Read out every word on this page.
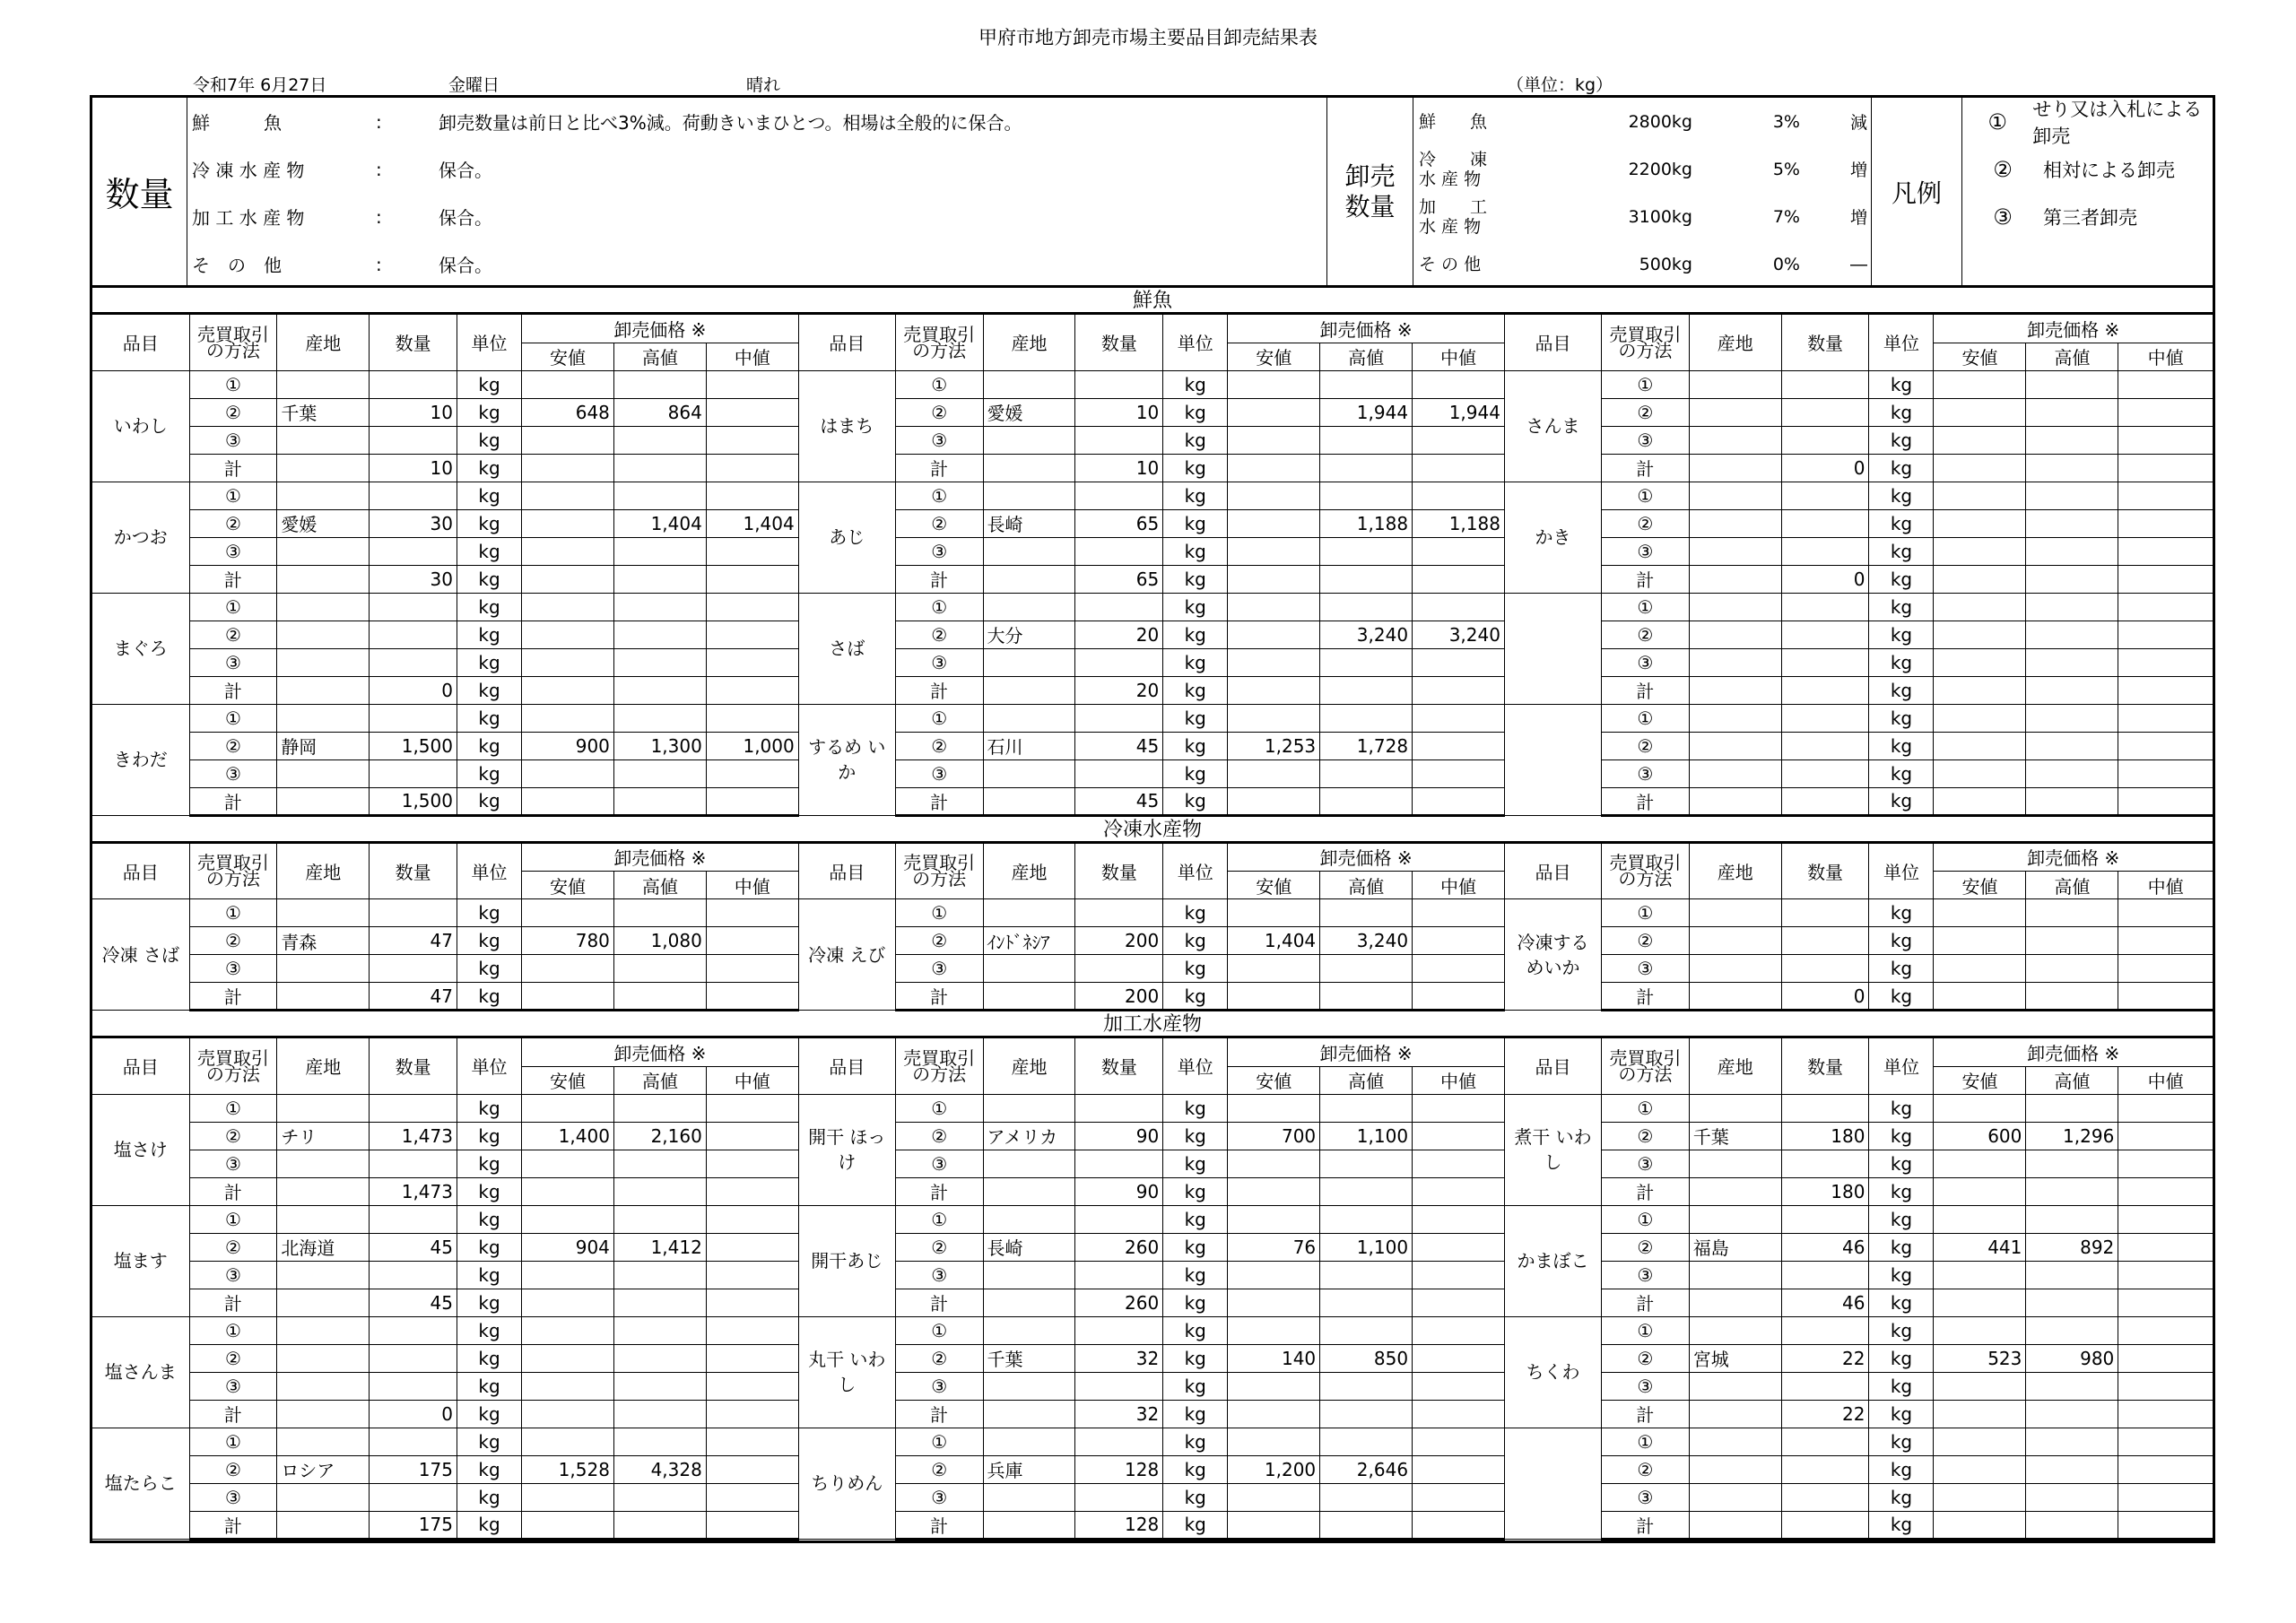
甲府市地方卸売市場主要品目卸売結果表
令和7年 6月27日	金曜日	晴れ	（単位：kg）
数量
鮮　　　魚	:	卸売数量は前日と比べ3%減。荷動きいまひとつ。相場は全般的に保合。
冷 凍 水 産 物	:	保合。
加 工 水 産 物	:	保合。
そ　の　他	:	保合。
卸売
数量
鮮　　魚	2800kg	3%	減
冷　　凍
水 産 物	2200kg	5%	増
加　　工
水 産 物	3100kg	7%	増
そ の 他	500kg	0%	―
凡例
①	せり又は入札による卸売
②	相対による卸売
③	第三者卸売
鮮魚
品目	売買取引
の方法	産地	数量	単位	卸売価格 ※			品目	売買取引
の方法	産地	数量	単位	卸売価格 ※			品目	売買取引
の方法	産地	数量	単位	卸売価格 ※		
					安値	高値	中値						安値	高値	中値						安値	高値	中値
いわし	①			kg				はまち	①			kg				さんま	①			kg			
	②	千葉	10	kg	648	864			②	愛媛	10	kg		1,944	1,944		②			kg			
	③			kg					③			kg					③			kg			
	計		10	kg					計		10	kg					計		0	kg			
かつお	①			kg				あじ	①			kg				かき	①			kg			
	②	愛媛	30	kg		1,404	1,404		②	長崎	65	kg		1,188	1,188		②			kg			
	③			kg					③			kg					③			kg			
	計		30	kg					計		65	kg					計		0	kg			
まぐろ	①			kg				さば	①			kg					①			kg			
	②			kg					②	大分	20	kg		3,240	3,240		②			kg			
	③			kg					③			kg					③			kg			
	計		0	kg					計		20	kg					計			kg			
きわだ	①			kg				するめ いか	①			kg					①			kg			
	②	静岡	1,500	kg	900	1,300	1,000		②	石川	45	kg	1,253	1,728			②			kg			
	③			kg					③			kg					③			kg			
	計		1,500	kg					計		45	kg					計			kg			
冷凍水産物
品目	売買取引
の方法	産地	数量	単位	卸売価格 ※			品目	売買取引
の方法	産地	数量	単位	卸売価格 ※			品目	売買取引
の方法	産地	数量	単位	卸売価格 ※		
					安値	高値	中値						安値	高値	中値						安値	高値	中値
冷凍 さば	①			kg				冷凍 えび	①			kg				冷凍する めいか	①			kg			
	②	青森	47	kg	780	1,080			②	ｲﾝﾄﾞﾈｼｱ	200	kg	1,404	3,240			②			kg			
	③			kg					③			kg					③			kg			
	計		47	kg					計		200	kg					計		0	kg			
加工水産物
品目	売買取引
の方法	産地	数量	単位	卸売価格 ※			品目	売買取引
の方法	産地	数量	単位	卸売価格 ※			品目	売買取引
の方法	産地	数量	単位	卸売価格 ※		
					安値	高値	中値						安値	高値	中値						安値	高値	中値
塩さけ	①			kg				開干 ほっけ	①			kg				煮干 いわし	①			kg			
	②	チリ	1,473	kg	1,400	2,160			②	アメリカ	90	kg	700	1,100			②	千葉	180	kg	600	1,296	
	③			kg					③			kg					③			kg			
	計		1,473	kg					計		90	kg					計		180	kg			
塩ます	①			kg				開干あじ	①			kg				かまぼこ	①			kg			
	②	北海道	45	kg	904	1,412			②	長崎	260	kg	76	1,100			②	福島	46	kg	441	892	
	③			kg					③			kg					③			kg			
	計		45	kg					計		260	kg					計		46	kg			
塩さんま	①			kg				丸干 いわし	①			kg				ちくわ	①			kg			
	②			kg					②	千葉	32	kg	140	850			②	宮城	22	kg	523	980	
	③			kg					③			kg					③			kg			
	計		0	kg					計		32	kg					計		22	kg			
塩たらこ	①			kg				ちりめん	①			kg					①			kg			
	②	ロシア	175	kg	1,528	4,328			②	兵庫	128	kg	1,200	2,646			②			kg			
	③			kg					③			kg					③			kg			
	計		175	kg					計		128	kg					計			kg			
